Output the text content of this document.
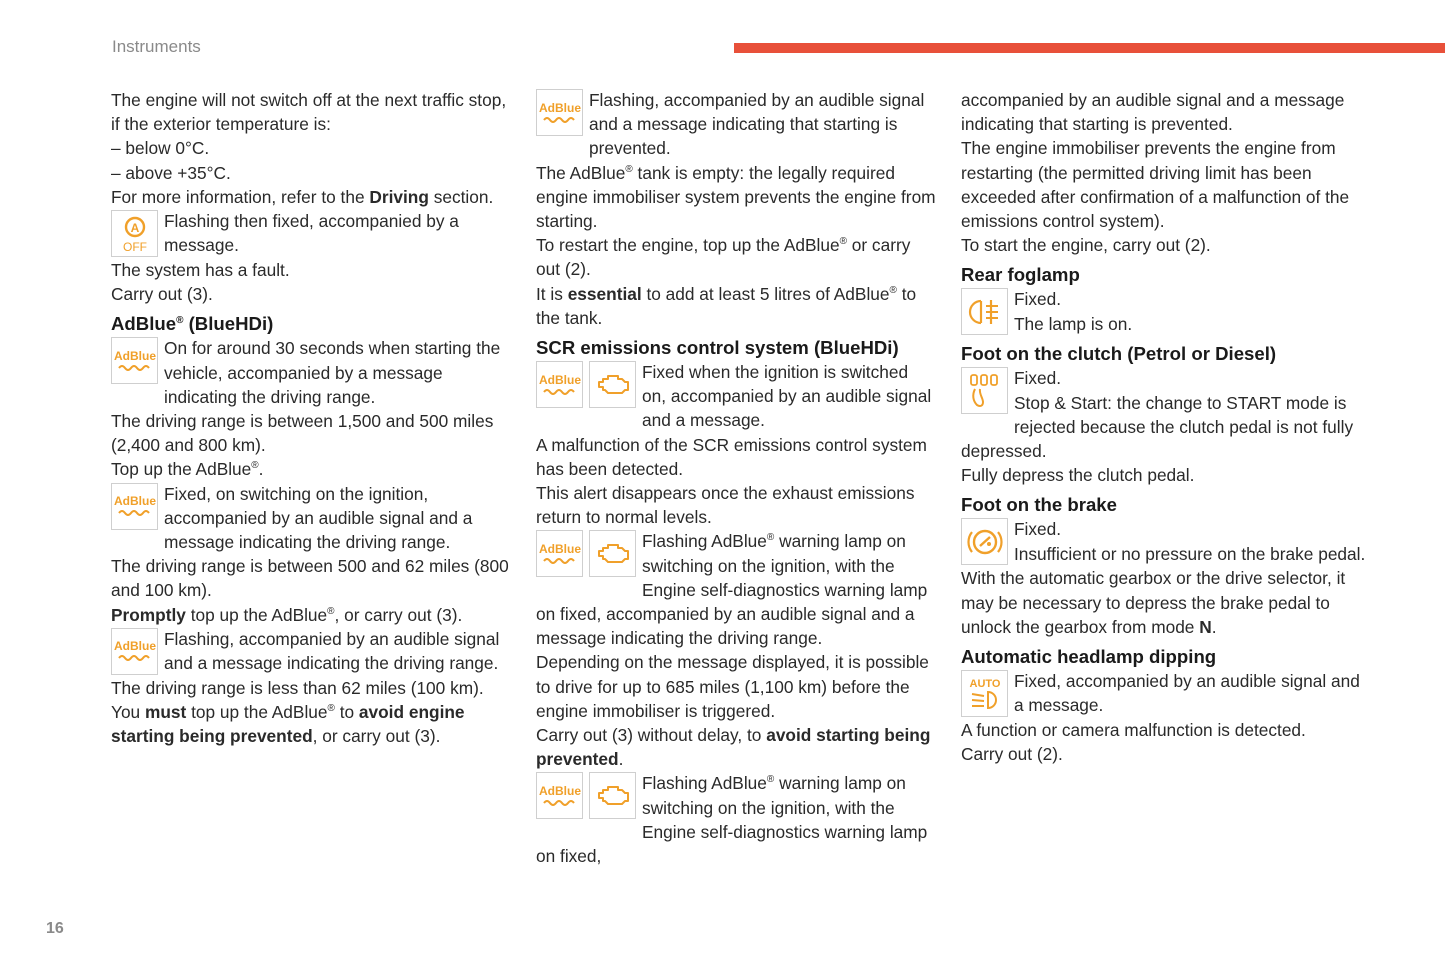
Instruments

The engine will not switch off at the next traffic stop, if the exterior temperature is:

– below 0°C.

– above +35°C.

For more information, refer to the Driving section.

A
OFF

Flashing then fixed, accompanied by a message.

The system has a fault.

Carry out (3).

AdBlue® (BlueHDi)
AdBlue On for around 30 seconds when starting the vehicle, accompanied by a message indicating the driving range.

The driving range is between 1,500 and 500 miles (2,400 and 800 km).

Top up the AdBlue®.

AdBlue Fixed, on switching on the ignition, accompanied by an audible signal and a message indicating the driving range.

The driving range is between 500 and 62 miles (800 and 100 km).

Promptly top up the AdBlue®, or carry out (3).

AdBlue Flashing, accompanied by an audible signal and a message indicating the driving range.

The driving range is less than 62 miles (100 km).

You must top up the AdBlue® to avoid engine starting being prevented, or carry out (3).

AdBlue Flashing, accompanied by an audible signal and a message indicating that starting is prevented.

The AdBlue® tank is empty: the legally required engine immobiliser system prevents the engine from starting.

To restart the engine, top up the AdBlue® or carry out (2).

It is essential to add at least 5 litres of AdBlue® to the tank.

SCR emissions control system (BlueHDi)
AdBlue	Fixed when the ignition is switched on, accompanied by an audible signal and a message.

A malfunction of the SCR emissions control system has been detected.

This alert disappears once the exhaust emissions return to normal levels.

AdBlue	Flashing AdBlue® warning lamp on switching on the ignition, with the Engine self-diagnostics warning lamp on fixed, accompanied by an audible signal and a message indicating the driving range.

Depending on the message displayed, it is possible to drive for up to 685 miles (1,100 km) before the engine immobiliser is triggered.

Carry out (3) without delay, to avoid starting being prevented.

AdBlue	Flashing AdBlue® warning lamp on switching on the ignition, with the Engine self-diagnostics warning lamp on fixed,

accompanied by an audible signal and a message indicating that starting is prevented.

The engine immobiliser prevents the engine from restarting (the permitted driving limit has been exceeded after confirmation of a malfunction of the emissions control system).

To start the engine, carry out (2).

Rear foglamp

Fixed.

The lamp is on.

Foot on the clutch (Petrol or Diesel)

Fixed.

Stop & Start: the change to START mode is rejected because the clutch pedal is not fully depressed.

Fully depress the clutch pedal.

Foot on the brake

Fixed.

Insufficient or no pressure on the brake pedal.

With the automatic gearbox or the drive selector, it may be necessary to depress the brake pedal to unlock the gearbox from mode N.

Automatic headlamp dipping
AUTO Fixed, accompanied by an audible signal and a message.

A function or camera malfunction is detected.

Carry out (2).

16
